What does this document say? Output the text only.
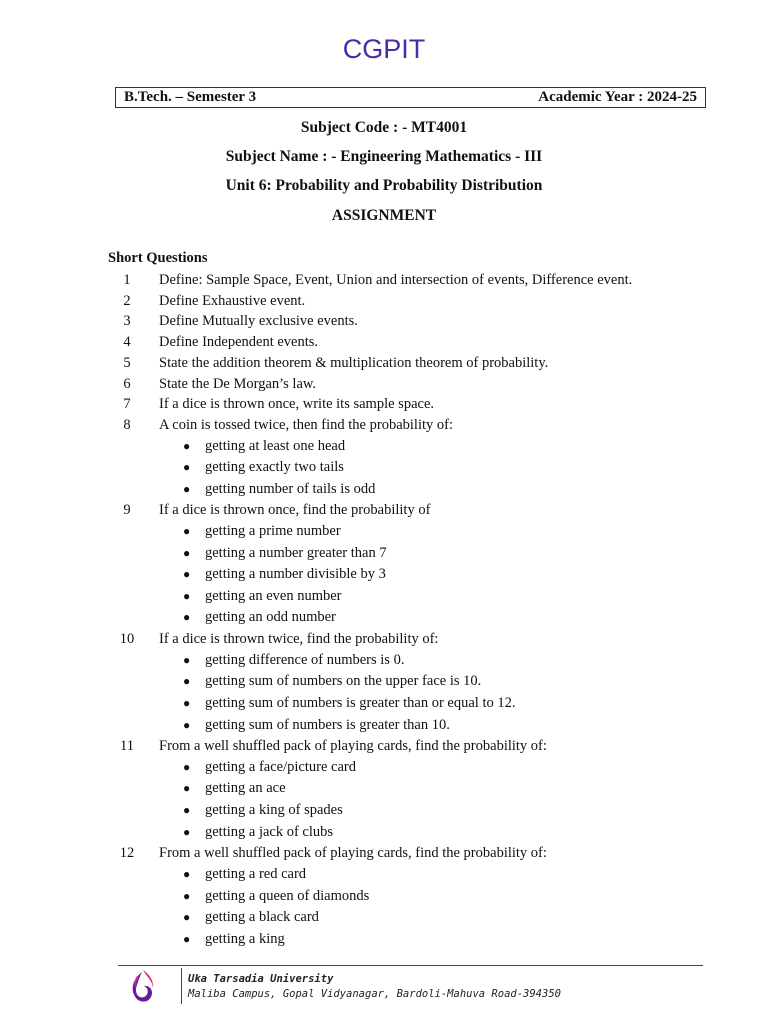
CGPIT
B.Tech. – Semester 3	Academic Year : 2024-25
Subject Code : - MT4001
Subject Name : - Engineering Mathematics - III
Unit 6: Probability and Probability Distribution
ASSIGNMENT
Short Questions
1	Define: Sample Space, Event, Union and intersection of events, Difference event.
2	Define Exhaustive event.
3	Define Mutually exclusive events.
4	Define Independent events.
5	State the addition theorem & multiplication theorem of probability.
6	State the De Morgan’s law.
7	If a dice is thrown once, write its sample space.
8	A coin is tossed twice, then find the probability of:
● getting at least one head
● getting exactly two tails
● getting number of tails is odd
9	If a dice is thrown once, find the probability of
● getting a prime number
● getting a number greater than 7
● getting a number divisible by 3
● getting an even number
● getting an odd number
10	If a dice is thrown twice, find the probability of:
● getting difference of numbers is 0.
● getting sum of numbers on the upper face is 10.
● getting sum of numbers is greater than or equal to 12.
● getting sum of numbers is greater than 10.
11	From a well shuffled pack of playing cards, find the probability of:
● getting a face/picture card
● getting an ace
● getting a king of spades
● getting a jack of clubs
12	From a well shuffled pack of playing cards, find the probability of:
● getting a red card
● getting a queen of diamonds
● getting a black card
● getting a king
Uka Tarsadia University
Maliba Campus, Gopal Vidyanagar, Bardoli-Mahuva Road-394350
